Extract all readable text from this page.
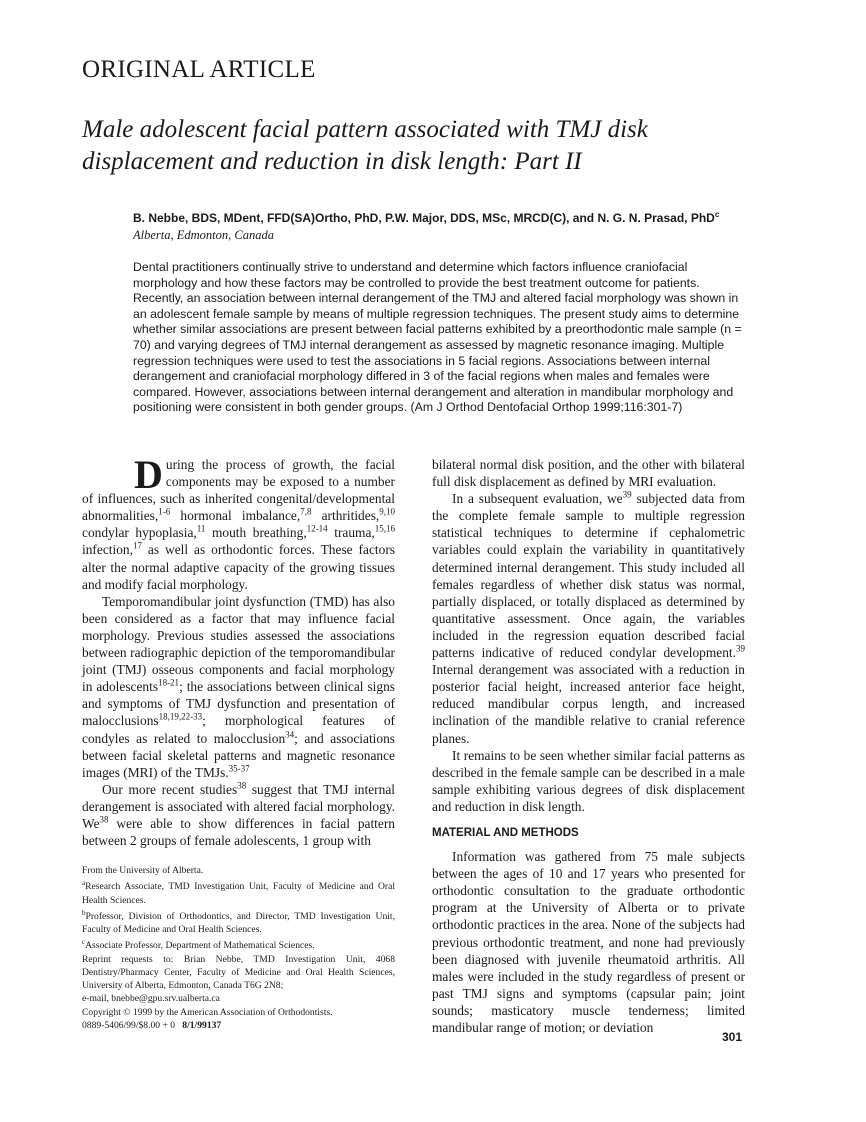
ORIGINAL ARTICLE
Male adolescent facial pattern associated with TMJ disk
displacement and reduction in disk length: Part II
B. Nebbe, BDS, MDent, FFD(SA)Ortho, PhD, P.W. Major, DDS, MSc, MRCD(C), and N. G. N. Prasad, PhD$^c$
Alberta, Edmonton, Canada
Dental practitioners continually strive to understand and determine which factors influence craniofacial morphology and how these factors may be controlled to provide the best treatment outcome for patients. Recently, an association between internal derangement of the TMJ and altered facial morphology was shown in an adolescent female sample by means of multiple regression techniques. The present study aims to determine whether similar associations are present between facial patterns exhibited by a preorthodontic male sample (n = 70) and varying degrees of TMJ internal derangement as assessed by magnetic resonance imaging. Multiple regression techniques were used to test the associations in 5 facial regions. Associations between internal derangement and craniofacial morphology differed in 3 of the facial regions when males and females were compared. However, associations between internal derangement and alteration in mandibular morphology and positioning were consistent in both gender groups. (Am J Orthod Dentofacial Orthop 1999;116:301-7)
D uring the process of growth, the facial components may be exposed to a number of influences, such as inherited congenital/developmental abnormalities,$^{1-6}$ hormonal imbalance,$^{7,8}$ arthritides,$^{9,10}$ condylar hypoplasia,$^{11}$ mouth breathing,$^{12-14}$ trauma,$^{15,16}$ infection,$^{17}$ as well as orthodontic forces. These factors alter the normal adaptive capacity of the growing tissues and modify facial morphology.

Temporomandibular joint dysfunction (TMD) has also been considered as a factor that may influence facial morphology. Previous studies assessed the associations between radiographic depiction of the temporomandibular joint (TMJ) osseous components and facial morphology in adolescents$^{18-21}$; the associations between clinical signs and symptoms of TMJ dysfunction and presentation of malocclusions$^{18,19,22-33}$; morphological features of condyles as related to malocclusion$^{34}$; and associations between facial skeletal patterns and magnetic resonance images (MRI) of the TMJs.$^{35-37}$

Our more recent studies$^{38}$ suggest that TMJ internal derangement is associated with altered facial morphology. We$^{38}$ were able to show differences in facial pattern between 2 groups of female adolescents, 1 group with

bilateral normal disk position, and the other with bilateral full disk displacement as defined by MRI evaluation.

In a subsequent evaluation, $we^{39}$ subjected data from the complete female sample to multiple regression statistical techniques to determine if cephalometric variables could explain the variability in quantitatively determined internal derangement. This study included all females regardless of whether disk status was normal, partially displaced, or totally displaced as determined by quantitative assessment. Once again, the variables included in the regression equation described facial patterns indicative of reduced condylar development.$^{39}$ Internal derangement was associated with a reduction in posterior facial height, increased anterior face height, reduced mandibular corpus length, and increased inclination of the mandible relative to cranial reference planes.

It remains to be seen whether similar facial patterns as described in the female sample can be described in a male sample exhibiting various degrees of disk displacement and reduction in disk length.

MATERIAL AND METHODS

Information was gathered from 75 male subjects between the ages of 10 and 17 years who presented for orthodontic consultation to the graduate orthodontic program at the University of Alberta or to private orthodontic practices in the area. None of the subjects had previous orthodontic treatment, and none had previously been diagnosed with juvenile rheumatoid arthritis. All males were included in the study regardless of present or past TMJ signs and symptoms (capsular pain; joint sounds; masticatory muscle tenderness; limited mandibular range of motion; or deviation

From the University of Alberta.
$^a$Research Associate, TMD Investigation Unit, Faculty of Medicine and Oral Health Sciences.
$^b$Professor, Division of Orthodontics, and Director, TMD Investigation Unit, Faculty of Medicine and Oral Health Sciences.
$^c$Associate Professor, Department of Mathematical Sciences.
Reprint requests to: Brian Nebbe, TMD Investigation Unit, 4068 Dentistry/Pharmacy Center, Faculty of Medicine and Oral Health Sciences, University of Alberta, Edmonton, Canada T6G 2N8;
e-mail, bnebbe@gpu.srv.ualberta.ca
Copyright © 1999 by the American Association of Orthodontists.
0889-5406/99/$8.00 + 0 8/1/99137
301
